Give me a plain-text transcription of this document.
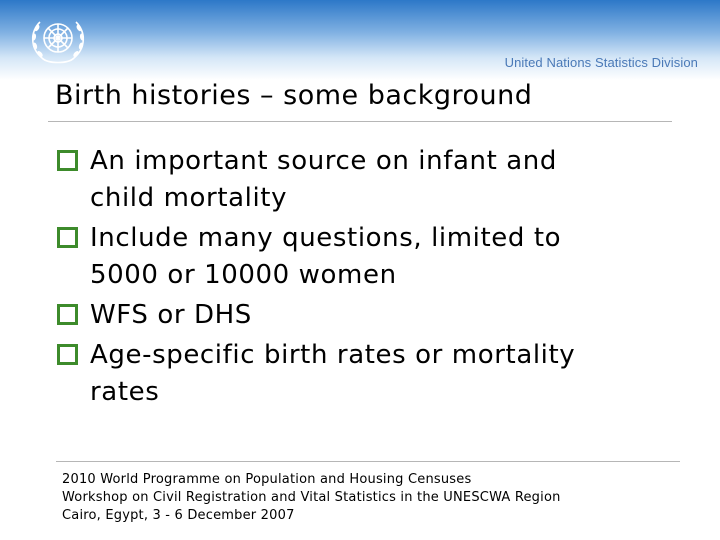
United Nations Statistics Division
Birth histories – some background
An important source on infant and
child mortality
Include many questions, limited to
5000 or 10000 women
WFS or DHS
Age-specific birth rates or mortality
rates
2010 World Programme on Population and Housing Censuses
Workshop on Civil Registration and Vital Statistics in the UNESCWA Region
Cairo, Egypt, 3 - 6 December 2007
